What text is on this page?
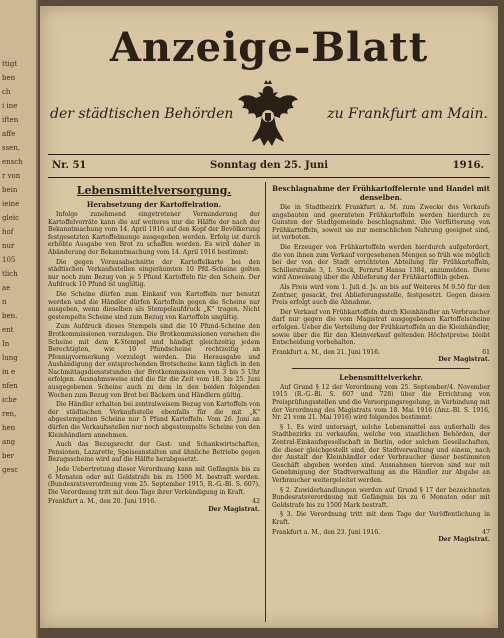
ttigt
ben
ch
i ine
iften
affe
ssen,
ensch
r von
bein
ieine
gleic
hof
nur
105
tlich
ae
n
ben.
ent
In
lung
in e
nfen
iche
ren,
hen
ang
ber
gesc
Anzeige-Blatt
der städtischen Behörden	zu Frankfurt am Main.
Nr. 51	Sonntag den 25. Juni	1916.
Lebensmittelversorgung.
Herabsetzung der Kartoffelration.

Infolge zunehmend eingetretener Verminderung der Kartoffelvorräte kann die auf weiteres nur die Hälfte der nach der Bekanntmachung vom 14. April 1916 auf den Kopf der Bevölkerung festgesetzten Kartoffelmenge ausgegeben werden. Erfolg ist durch erhöhte Ausgabe von Brot zu schaffen worden. Es wird daher in Abänderung der Bekanntmachung vom 14. April 1916 bestimmt:

Die gegen Vorausabschnitte der Kartoffelkarte bei den städtischen Verkaufsstellen eingeräumten 10 Pfd.-Scheine gelten nur noch zum Bezug von je 5 Pfund Kartoffeln für den Schein. Der Aufdruck 10 Pfund ist ungültig.

Die Scheine dürfen zum Einkauf von Kartoffeln nur benutzt werden und die Händler dürfen Kartoffeln gegen die Scheine nur ausgeben, wenn dieselben als Stempelaufdruck „K" tragen. Nicht gestempelte Scheine sind zum Bezug von Kartoffeln ungültig.

Zum Aufdruck dieses Stempels sind die 10 Pfund-Scheine den Brotkommissionen vorzulegen. Die Brotkommissionen versehen die Scheine mit dem K-Stempel und händigt gleichzeitig jedem Berechtigten, wie 10 Pfundscheine rechtzeitig an Pfennigvormerkung vorzulegt werden. Die Herausgabe und Aushändigung der entsprechenden Brotscheine kann täglich in den Nachmittagsdienststunden der Brotkommissionen von 3 bis 5 Uhr erfolgen. Ausnahmsweise sind die für die Zeit vom 18. bis 25. Juni ausgegebenen Scheine auch zu dem in den beiden folgenden Wochen zum Bezug von Brot bei Bäckern und Händlern gültig.

Die Händler erhalten bei zentralweisem Bezug von Kartoffeln von der städtischen Verkaufsstelle ebenfalls für die mit „K" abgestempelten Scheine nur 5 Pfund Kartoffeln. Vom 26. Juni an dürfen die Verkaufsstellen nur noch abgestempelte Scheine von den Kleinhändlern annehmen.

Auch das Bezugsrecht der Gast- und Schankwirtschaften, Pensionen, Lazarette, Speiseanstalten und ähnliche Betriebe gegen Bezugsscheine wird auf die Hälfte herabgesetzt.

Jede Uebertretung dieser Verordnung kann mit Gefängnis bis zu 6 Monaten oder mit Geldstrafe bis zu 1500 M. bestraft werden. (Bundesratsverordnung vom 25. September 1915, R.-G.-Bl. S. 607). Die Verordnung tritt mit dem Tage ihrer Verkündigung in Kraft.

Frankfurt a. M., den 20. Juni 1916.	42
Der Magistrat.
Beschlagnahme der Frühkartoffelernte und Handel mit denselben.

Die in Stadtbezirk Frankfurt a. M. zum Zwecke des Verkaufs angebauten und geernteten Frühkartoffeln werden hierdurch zu Gunsten der Stadtgemeinde beschlagnahmt. Die Verfütterung von Frühkartoffeln, soweit sie zur menschlichen Nahrung geeignet sind, ist verboten.

Die Erzeuger von Frühkartoffeln werden hierdurch aufgefordert, die von ihnen zum Verkauf vorgesehenen Mengen so früh wie möglich bei der von der Stadt errichteten Abteilung für Frühkartoffeln, Schillerstraße 3, I. Stock, Fernruf Hansa 1384, anzumelden. Diese wird Anweisung über die Ablieferung der Frühkartoffeln geben.

Als Preis wird vom 1. Juli d. Js. an bis auf Weiteres M 9.50 für den Zentner, gesackt, frei Ablieferungsstelle, festgesetzt. Gegen diesen Preis erfolgt auch die Abnahme.

Der Verkauf von Frühkartoffeln durch Kleinhändler an Verbraucher darf nur gegen die vom Magistrat ausgegebenen Kartoffelscheine erfolgen. Ueber die Verteilung der Frühkartoffeln an die Kleinhändler, sowie über die für den Kleinverkauf geltenden Höchstpreise bleibt Entscheidung vorbehalten.

Frankfurt a. M., den 21. Juni 1916.	61
Der Magistrat.
Lebensmittelverkehr.

Auf Grund § 12 der Verordnung vom 25. September/4. November 1915 (R.-G.-Bl. S. 607 und 728) über die Errichtung von Preisprüfungsstellen und die Versorgungsregelung, in Verbindung mit der Verordnung des Magistrats vom 18. Mai 1916 (Anz.-Bl. S. 1916, Nr. 21 vom 21. Mai 1916) wird folgendes bestimmt:

§ 1. Es wird untersagt, solche Lebensmittel aus außerhalb des Stadtbezirks zu verkaufen, welche von staatlichen Behörden, der Zentral-Einkaufsgesellschaft in Berlin, oder solchen Gesellschaften, die dieser gleichgestellt sind, der Stadtverwaltung und einem, nach der Anstalt der Kleinhändler oder Verbraucher dieser bestimmten Geschäft abgeben worden sind. Ausnahmen hiervon sind nur mit Genehmigung der Stadtverwaltung an die Händler zur Abgabe an Verbraucher weitergeleitet werden.

§ 2. Zuwiderhandlungen werden auf Grund § 17 der bezeichneten Bundesratsverordnung mit Gefängnis bis zu 6 Monaten oder mit Geldstrafe bis zu 1500 Mark bestraft.

§ 3. Die Verordnung tritt mit dem Tage der Veröffentlichung in Kraft.

Frankfurt a. M., den 23. Juni 1916.	47
Der Magistrat.
